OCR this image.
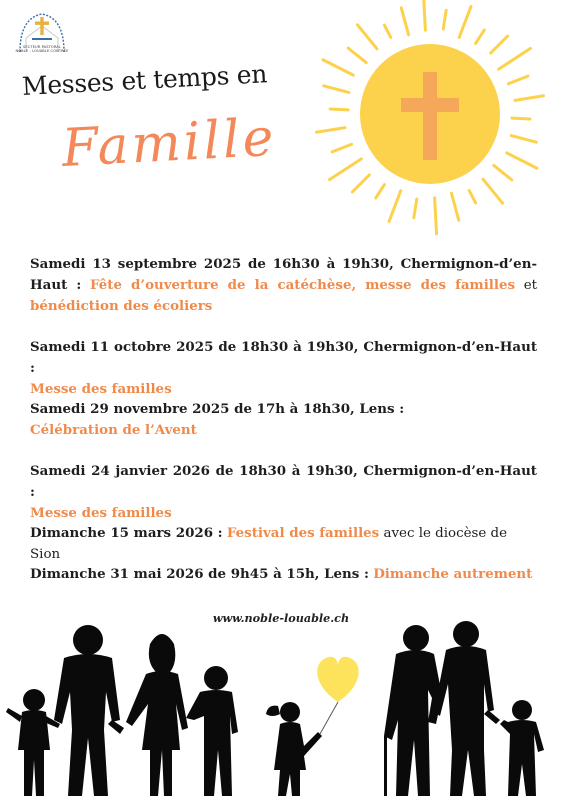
SECTEUR PASTORAL
NOBLE - LOUABLE CONTRÉE
Messes et temps en
Famille
Samedi 13 septembre 2025 de 16h30 à 19h30, Chermignon-d’en-Haut : Fête d’ouverture de la catéchèse, messe des familles et bénédiction des écoliers
Samedi 11 octobre 2025 de 18h30 à 19h30, Chermignon-d’en-Haut :
Messe des familles
Samedi 29 novembre 2025 de 17h à 18h30, Lens :
Célébration de l’Avent
Samedi 24 janvier 2026 de 18h30 à 19h30, Chermignon-d’en-Haut :
Messe des familles
Dimanche 15 mars 2026 : Festival des familles avec le diocèse de Sion
Dimanche 31 mai 2026 de 9h45 à 15h, Lens : Dimanche autrement
www.noble-louable.ch
